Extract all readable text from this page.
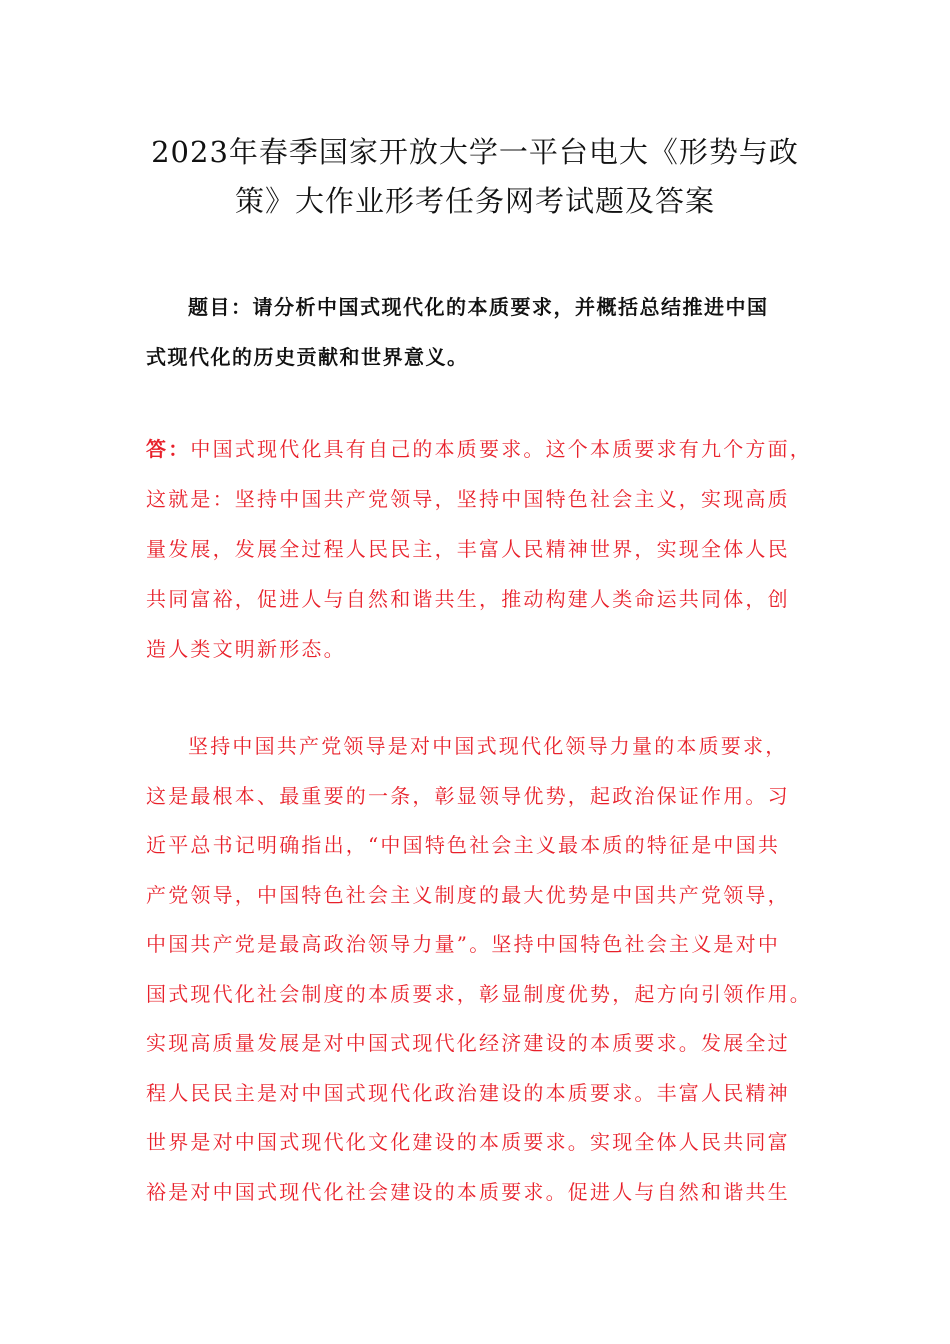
2023年春季国家开放大学一平台电大《形势与政
策》大作业形考任务网考试题及答案
题目：请分析中国式现代化的本质要求，并概括总结推进中国
式现代化的历史贡献和世界意义。
答：中国式现代化具有自己的本质要求。这个本质要求有九个方面，
这就是：坚持中国共产党领导，坚持中国特色社会主义，实现高质
量发展，发展全过程人民民主，丰富人民精神世界，实现全体人民
共同富裕，促进人与自然和谐共生，推动构建人类命运共同体，创
造人类文明新形态。
坚持中国共产党领导是对中国式现代化领导力量的本质要求，
这是最根本、最重要的一条，彰显领导优势，起政治保证作用。习
近平总书记明确指出，“中国特色社会主义最本质的特征是中国共
产党领导，中国特色社会主义制度的最大优势是中国共产党领导，
中国共产党是最高政治领导力量”。坚持中国特色社会主义是对中
国式现代化社会制度的本质要求，彰显制度优势，起方向引领作用。
实现高质量发展是对中国式现代化经济建设的本质要求。发展全过
程人民民主是对中国式现代化政治建设的本质要求。丰富人民精神
世界是对中国式现代化文化建设的本质要求。实现全体人民共同富
裕是对中国式现代化社会建设的本质要求。促进人与自然和谐共生
